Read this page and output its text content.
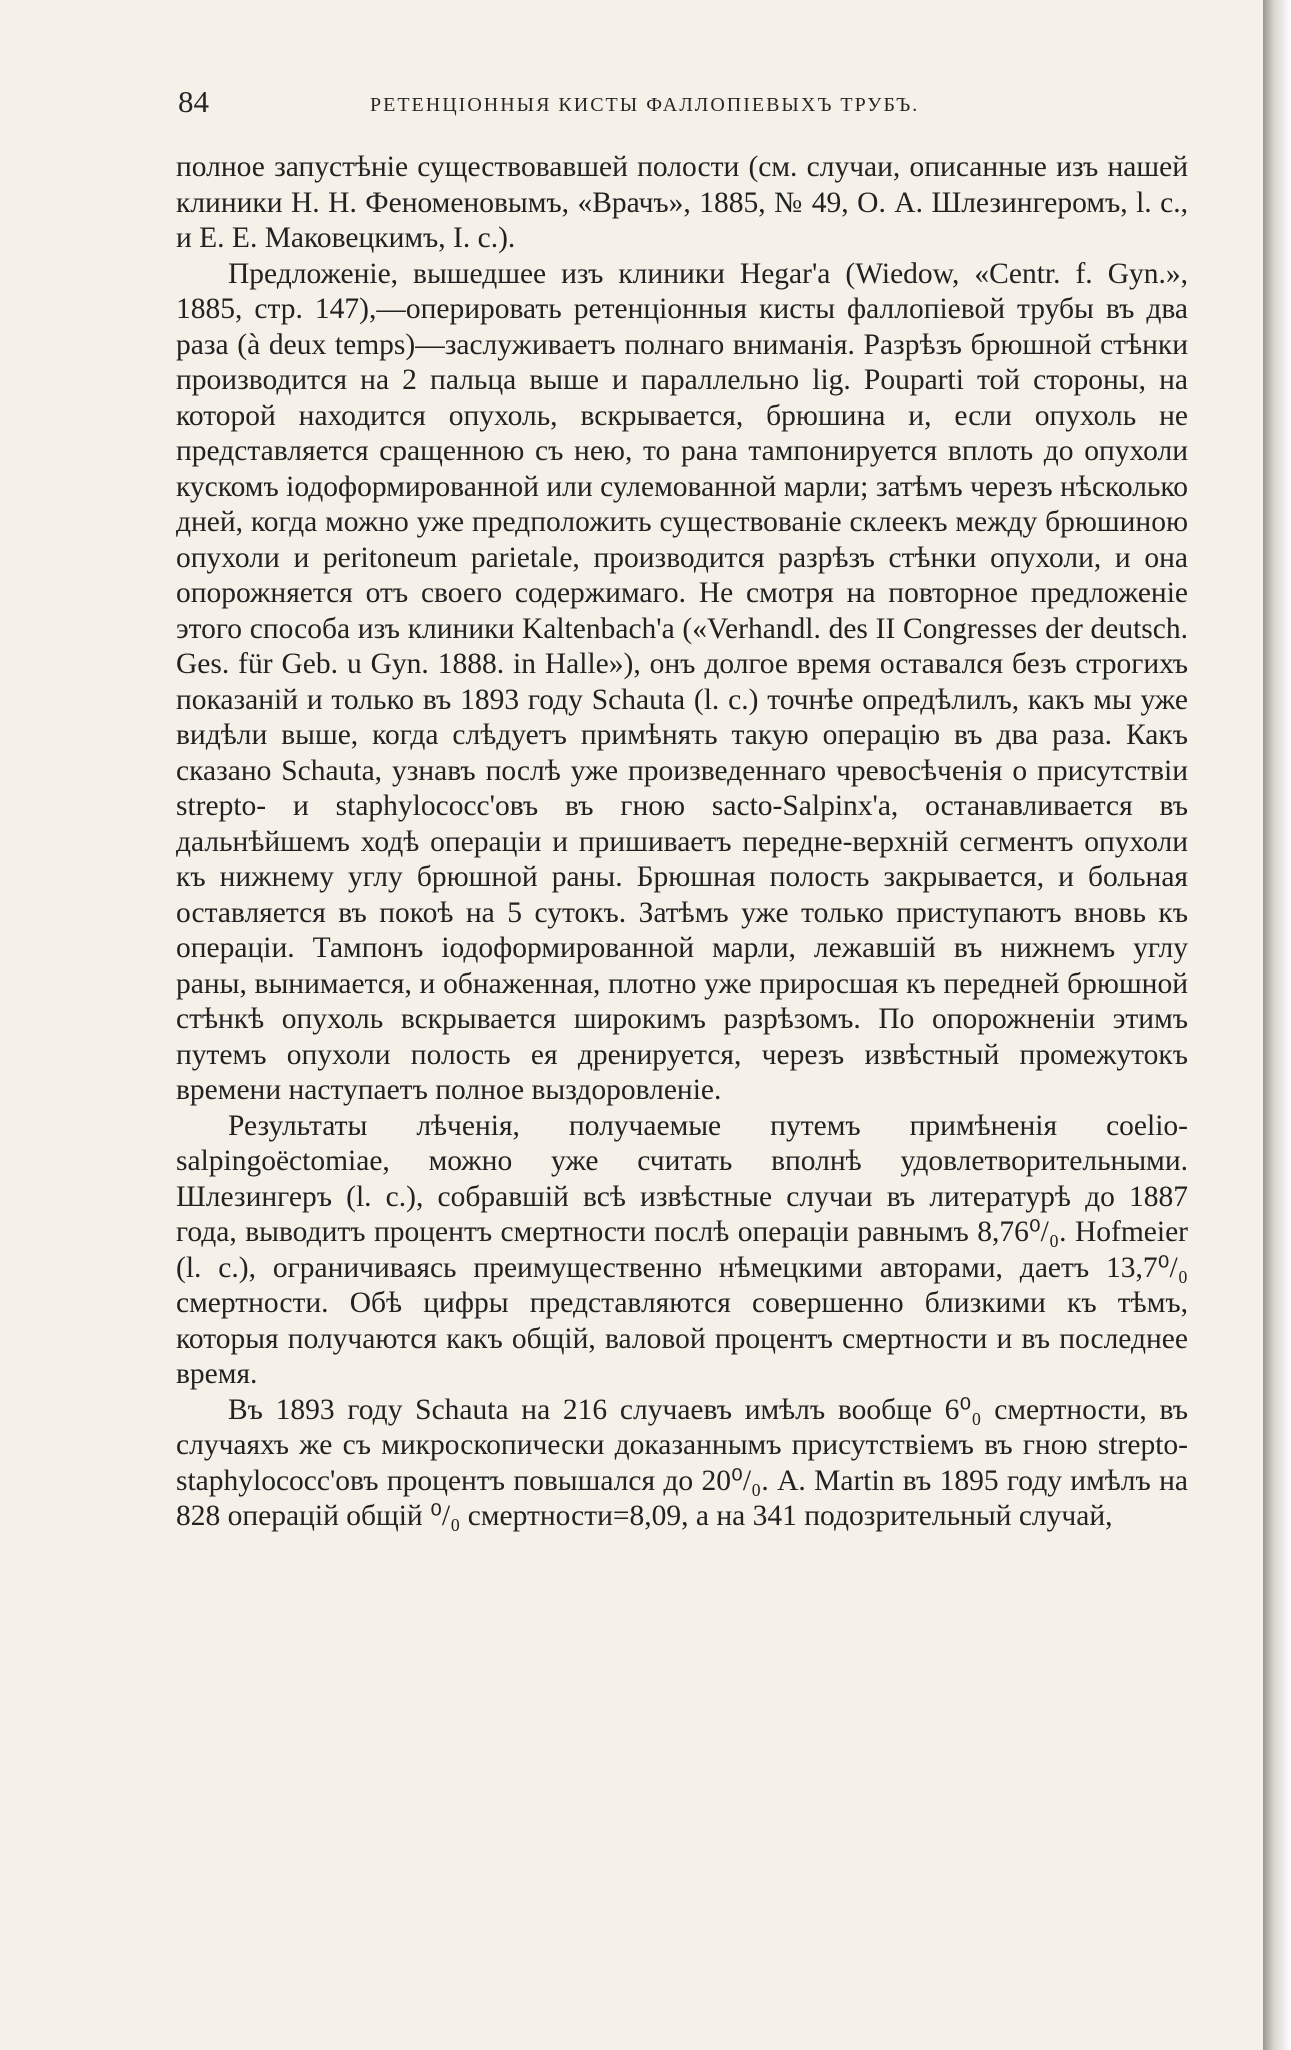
84	РЕТЕНЦІОННЫЯ КИСТЫ ФАЛЛОПІЕВЫХЪ ТРУБЪ.

полное запустѣніе существовавшей полости (см. случаи, описанные изъ нашей клиники Н. Н. Феноменовымъ, «Врачъ», 1885, № 49, О. А. Шлезингеромъ, l. c., и Е. Е. Маковецкимъ, I. c.).

Предложеніе, вышедшее изъ клиники Hegar'а (Wiedow, «Centr. f. Gyn.», 1885, стр. 147),—оперировать ретенціонныя кисты фаллопіевой трубы въ два раза (à deux temps)—заслуживаетъ полнаго вниманія. Разрѣзъ брюшной стѣнки производится на 2 пальца выше и параллельно lig. Pouparti той стороны, на которой находится опухоль, вскрывается, брюшина и, если опухоль не представляется сращенною съ нею, то рана тампонируется вплоть до опухоли кускомъ іодоформированной или сулемованной марли; затѣмъ черезъ нѣсколько дней, когда можно уже предположить существованіе склеекъ между брюшиною опухоли и peritoneum parietale, производится разрѣзъ стѣнки опухоли, и она опорожняется отъ своего содержимаго. Не смотря на повторное предложеніе этого способа изъ клиники Kaltenbach'а («Verhandl. des II Congresses der deutsch. Ges. für Geb. u Gyn. 1888. in Halle»), онъ долгое время оставался безъ строгихъ показаній и только въ 1893 году Schauta (l. c.) точнѣе опредѣлилъ, какъ мы уже видѣли выше, когда слѣдуетъ примѣнять такую операцію въ два раза. Какъ сказано Schauta, узнавъ послѣ уже произведеннаго чревосѣченія о присутствіи strepto- и staphylococc'овъ въ гною sacto-Salpinx'а, останавливается въ дальнѣйшемъ ходѣ операціи и пришиваетъ передне-верхній сегментъ опухоли къ нижнему углу брюшной раны. Брюшная полость закрывается, и больная оставляется въ покоѣ на 5 сутокъ. Затѣмъ уже только приступаютъ вновь къ операціи. Тампонъ іодоформированной марли, лежавшій въ нижнемъ углу раны, вынимается, и обнаженная, плотно уже приросшая къ передней брюшной стѣнкѣ опухоль вскрывается широкимъ разрѣзомъ. По опорожненіи этимъ путемъ опухоли полость ея дренируется, черезъ извѣстный промежутокъ времени наступаетъ полное выздоровленіе.

Результаты лѣченія, получаемые путемъ примѣненія coelio-salpingoëctomiae, можно уже считать вполнѣ удовлетворительными. Шлезингеръ (l. c.), собравшій всѣ извѣстные случаи въ литературѣ до 1887 года, выводитъ процентъ смертности послѣ операціи равнымъ 8,76⁰/₀. Hofmeier (l. c.), ограничиваясь преимущественно нѣмецкими авторами, даетъ 13,7⁰/₀ смертности. Обѣ цифры представляются совершенно близкими къ тѣмъ, которыя получаются какъ общій, валовой процентъ смертности и въ последнее время.

Въ 1893 году Schauta на 216 случаевъ имѣлъ вообще 6⁰₀ смертности, въ случаяхъ же съ микроскопически доказаннымъ присутствіемъ въ гною strepto-staphylococc'овъ процентъ повышался до 20⁰/₀. A. Martin въ 1895 году имѣлъ на 828 операцій общій ⁰/₀ смертности=8,09, а на 341 подозрительный случай,
